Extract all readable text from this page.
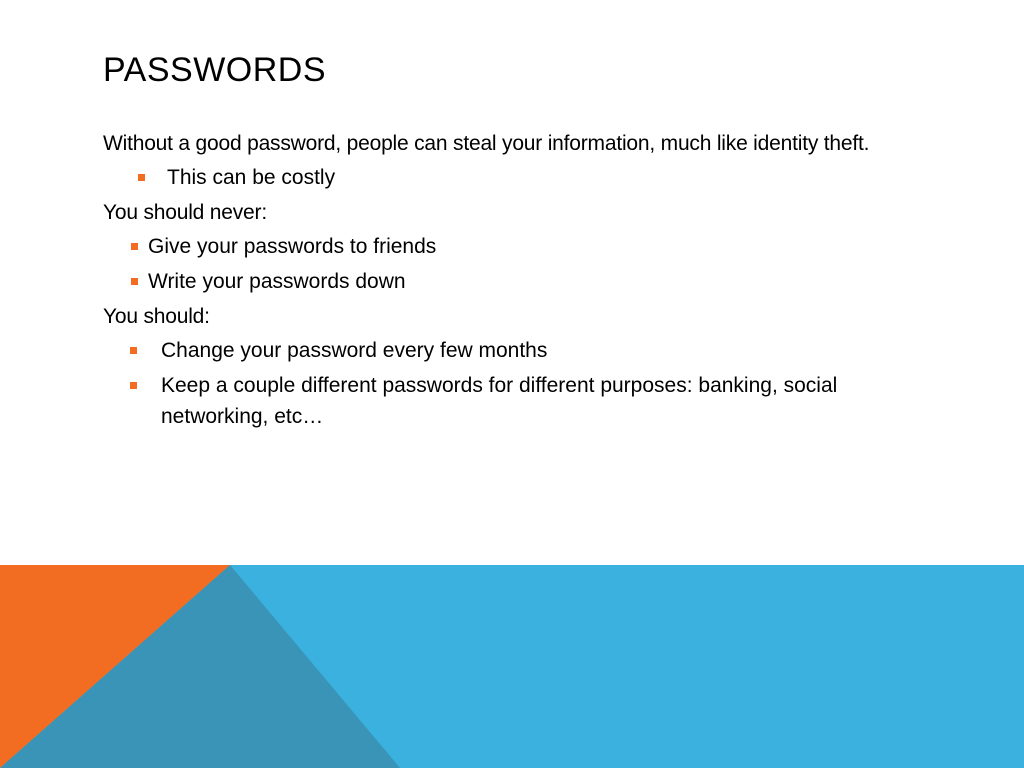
PASSWORDS

Without a good password, people can steal your information, much like identity theft.

This can be costly

You should never:

Give your passwords to friends
Write your passwords down

You should:

Change your password every few months
Keep a couple different passwords for different purposes: banking, social networking, etc…
